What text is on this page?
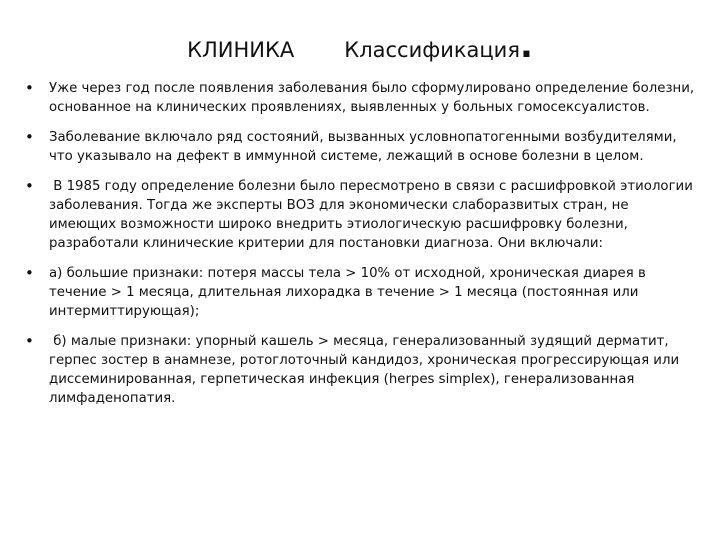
КЛИНИКА Классификация.
• Уже через год после появления заболевания было сформулировано определение болезни, основанное на клинических проявлениях, выявленных у больных гомосексуалистов.
• Заболевание включало ряд состояний, вызванных условнопатогенными возбудителями, что указывало на дефект в иммунной системе, лежащий в основе болезни в целом.
• В 1985 году определение болезни было пересмотрено в связи с расшифровкой этиологии заболевания. Тогда же эксперты ВОЗ для экономически слаборазвитых стран, не имеющих возможности широко внедрить этиологическую расшифровку болезни, разработали клинические критерии для постановки диагноза. Они включали:
• а) большие признаки: потеря массы тела > 10% от исходной, хроническая диарея в течение > 1 месяца, длительная лихорадка в течение > 1 месяца (постоянная или интермиттирующая);
• б) малые признаки: упорный кашель > месяца, генерализованный зудящий дерматит, герпес зостер в анамнезе, ротоглоточный кандидоз, хроническая прогрессирующая или диссеминированная, герпетическая инфекция (herpes simplex), генерализованная лимфаденопатия.
